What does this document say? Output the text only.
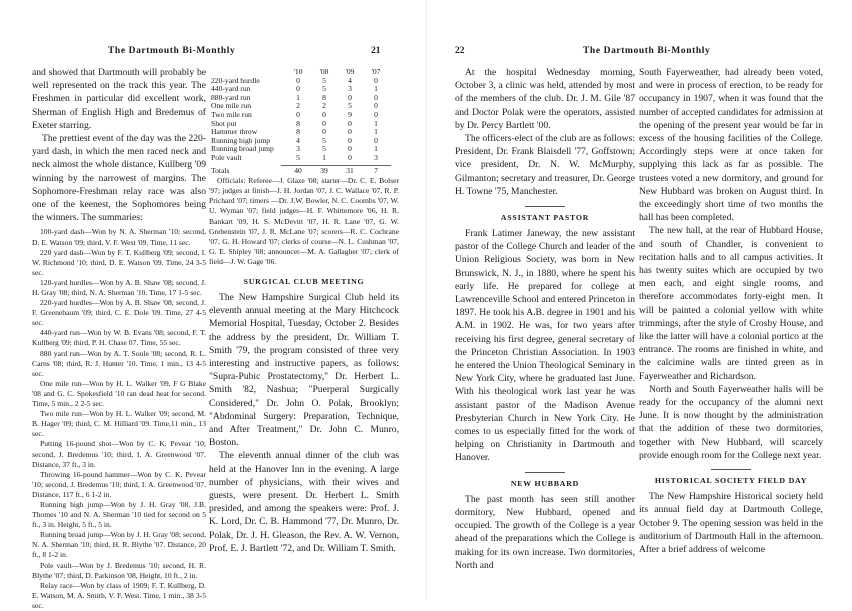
The Dartmouth Bi-Monthly	21

and showed that Dartmouth will probably be well represented on the track this year. The Freshmen in particular did excellent work, Sherman of English High and Bredemus of Exeter starring.

The prettiest event of the day was the 220-yard dash, in which the men raced neck and neck almost the whole distance, Kullberg '09 winning by the narrowest of margins. The Sophomore-Freshman relay race was also one of the keenest, the Sophomores being the winners. The summaries:

100-yard dash—Won by N. A. Sherman '10; second, D. E. Watson '09; third, V. F. West '09. Time, 11 sec.

220 yard dash—Won by F. T. Kullberg '09; second, I. W. Richmond '10; third, D. E. Watson '09. Time, 24 3-5 sec.

120-yard hurdles—Won by A. B. Shaw '08; second, J. H. Gray '08; third, N. A. Sherman '10. Time, 17 1-5 sec.

220-yard hurdles—Won by A. B. Shaw '08; second, J. F. Greenebaum '09; third, C. E. Dole '09. Time, 27 4-5 sec.

440-yard run—Won by W. B. Evans '08; second, F. T. Kullberg '09; third, P. H. Chase 07. Time, 55 sec.

880 yard run—Won by A. T. Soule '08; second, R. L. Carns '08; third, R. J. Hunter '10. Time, 1 min., 13 4-5 sec.

One mile run—Won by H. L. Walker '09, F G Blake '08 and G. C. Spokesfield '10 ran dead heat for second. Time, 5 min., 2 2-5 sec.

Two mile run—Won by H. L. Walker '09; second, M. B. Hager '09; third, C. M. Hilliard '09. Time,11 min., 13 sec.

Putting 16-pound shot—Won by C. K. Pevear '10; second, J. Bredemus '10; third, I. A. Greenwood '07. Distance, 37 ft., 3 in.

Throwing 16-pound hammer—Won by C. K. Pevear '10; second, J. Bredemus '10; third, I. A. Greenwood '07. Distance, 117 ft., 6 1-2 in.

Running high jump—Won by J. H. Gray '08, J.B. Thomes '10 and N. A. Sherman '10 tied for second on 5 ft., 3 in. Height, 5 ft., 5 in.

Running broad jump—Won by J. H. Gray '08; second, N. A. Sherman '10; third, H. R. Blythe '07. Distance, 20 ft., 8 1-2 in.

Pole vault—Won by J. Bredemus '10; second, H. R. Blythe '07; third, D. Parkinson '08, Height, 10 ft., 2 in.

Relay race—Won by class of 1909; F. T. Kullberg, D. E. Watson, M. A. Smith, V. F. West. Time, 1 min., 38 3-5 sec.

	'10	'08	'09	'07
220-yard hurdle	0	5	4	0
440-yard run	0	5	3	1
880-yard run	1	8	0	0
One mile run	2	2	5	0
Two mile run	0	0	9	0
Shot put	8	0	0	1
Hammer throw	8	0	0	1
Running high jump	4	5	0	0
Running broad jump	3	5	0	1
Pole vault	5	1	0	3
Totals	40	39	31	7

Officials: Referee—J. Glaze '08; starter—Dr. C. E. Bolser '97; judges at finish—J. H. Jordan '07, J. C. Wallace '07, R. P. Prichard '07; timers —Dr. J.W. Bowler, N. C. Coombs '07, W. U. Wyman '07; field judges—H. F. Whittemore '06, H. R. Bankart '09, H. S. McDevitt '07, H. R. Lane '07, G. W. Grebenstein '07, J. R. McLane '07; scorers—R. C. Cochrane '07, G. H. Howard '07; clerks of course—N. L. Cushman '07, G. E. Shipley '08; announcer—M. A. Gallagher '07; clerk of field—J. W. Gage '06.

SURGICAL CLUB MEETING

The New Hampshire Surgical Club held its eleventh annual meeting at the Mary Hitchcock Memorial Hospital, Tuesday, October 2. Besides the address by the president, Dr. William T. Smith '79, the program consisted of three very interesting and instructive papers, as follows: "Supra-Pubic Prostatectomy," Dr. Herbert L. Smith '82, Nashua; "Puerperal Surgically Considered," Dr. John O. Polak, Brooklyn; "Abdominal Surgery: Preparation, Technique, and After Treatment," Dr. John C. Munro, Boston.

The eleventh annual dinner of the club was held at the Hanover Inn in the evening. A large number of physicians, with their wives and guests, were present. Dr. Herbert L. Smith presided, and among the speakers were: Prof. J. K. Lord, Dr. C. B. Hammond '77, Dr. Munro, Dr. Polak, Dr. J. H. Gleason, the Rev. A. W. Vernon, Prof. E. J. Bartlett '72, and Dr. William T. Smith.

22	The Dartmouth Bi-Monthly

At the hospital Wednesday morning, October 3, a clinic was held, attended by most of the members of the club. Dr. J. M. Gile '87 and Doctor Polak were the operators, assisted by Dr. Percy Bartlett '00.

The officers-elect of the club are as follows: President, Dr. Frank Blaisdell '77, Goffstown; vice president, Dr. N. W. McMurphy, Gilmanton; secretary and treasurer, Dr. George H. Towne '75, Manchester.

ASSISTANT PASTOR

Frank Latimer Janeway, the new assistant pastor of the College Church and leader of the Union Religious Society, was born in New Brunswick, N. J., in 1880, where he spent his early life. He prepared for college at Lawrenceville School and entered Princeton in 1897. He took his A.B. degree in 1901 and his A.M. in 1902. He was, for two years after receiving his first degree, general secretary of the Princeton Christian Association. In 1903 he entered the Union Theological Seminary in New York City, where he graduated last June. With his theological work last year he was assistant pastor of the Madison Avenue Presbyterian Church in New York City. He comes to us especially fitted for the work of helping on Christianity in Dartmouth and Hanover.

NEW HUBBARD

The past month has seen still another dormitory, New Hubbard, opened and occupied. The growth of the College is a year ahead of the preparations which the College is making for its own increase. Two dormitories, North and

South Fayerweather, had already been voted, and were in process of erection, to be ready for occupancy in 1907, when it was found that the number of accepted candidates for admission at the opening of the present year would be far in excess of the housing facilities of the College. Accordingly steps were at once taken for supplying this lack as far as possible. The trustees voted a new dormitory, and ground for New Hubbard was broken on August third. In the exceedingly short time of two months the hall has been completed.

The new hall, at the rear of Hubbard House, and south of Chandler, is convenient to recitation halls and to all campus activities. It has twenty suites which are occupied by two men each, and eight single rooms, and therefore accommodates forty-eight men. It will be painted a colonial yellow with white trimmings, after the style of Crosby House, and like the latter will have a colonial portico at the entrance. The rooms are finished in white, and the calcimine walls are tinted green as in Fayerweather and Richardson.

North and South Fayerweather halls will be ready for the occupancy of the alumni next June. It is now thought by the administration that the addition of these two dormitories, together with New Hubbard, will scarcely provide enough room for the College next year.

HISTORICAL SOCIETY FIELD DAY

The New Hampshire Historical society held its annual field day at Dartmouth College, October 9. The opening session was held in the auditorium of Dartmouth Hall in the afternoon. After a brief address of welcome
